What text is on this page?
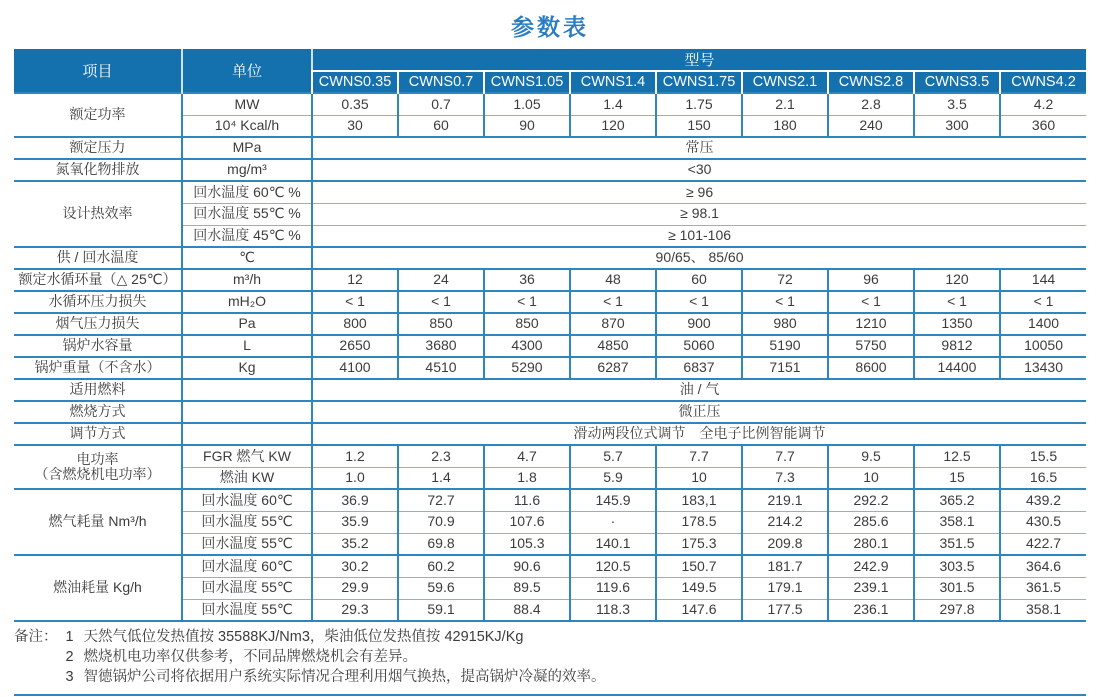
参数表
项目	单位	型号								
		CWNS0.35	CWNS0.7	CWNS1.05	CWNS1.4	CWNS1.75	CWNS2.1	CWNS2.8	CWNS3.5	CWNS4.2
额定功率	MW	0.35	0.7	1.05	1.4	1.75	2.1	2.8	3.5	4.2
	10⁴ Kcal/h	30	60	90	120	150	180	240	300	360
额定压力	MPa	常压								
氮氧化物排放	mg/m³	<30								
设计热效率	回水温度 60℃ %	≥ 96								
	回水温度 55℃ %	≥ 98.1								
	回水温度 45℃ %	≥ 101-106								
供 / 回水温度	℃	90/65、 85/60								
额定水循环量（△ 25℃）	m³/h	12	24	36	48	60	72	96	120	144
水循环压力损失	mH₂O	< 1	< 1	< 1	< 1	< 1	< 1	< 1	< 1	< 1
烟气压力损失	Pa	800	850	850	870	900	980	1210	1350	1400
锅炉水容量	L	2650	3680	4300	4850	5060	5190	5750	9812	10050
锅炉重量（不含水）	Kg	4100	4510	5290	6287	6837	7151	8600	14400	13430
适用燃料		油 / 气								
燃烧方式		微正压								
调节方式		滑动两段位式调节　全电子比例智能调节								
电功率
（含燃烧机电功率）	FGR 燃气 KW	1.2	2.3	4.7	5.7	7.7	7.7	9.5	12.5	15.5
	燃油 KW	1.0	1.4	1.8	5.9	10	7.3	10	15	16.5
燃气耗量 Nm³/h	回水温度 60℃	36.9	72.7	11.6	145.9	183,1	219.1	292.2	365.2	439.2
	回水温度 55℃	35.9	70.9	107.6	·	178.5	214.2	285.6	358.1	430.5
	回水温度 55℃	35.2	69.8	105.3	140.1	175.3	209.8	280.1	351.5	422.7
燃油耗量 Kg/h	回水温度 60℃	30.2	60.2	90.6	120.5	150.7	181.7	242.9	303.5	364.6
	回水温度 55℃	29.9	59.6	89.5	119.6	149.5	179.1	239.1	301.5	361.5
	回水温度 55℃	29.3	59.1	88.4	118.3	147.6	177.5	236.1	297.8	358.1
备注： 1 天然气低位发热值按 35588KJ/Nm3，柴油低位发热值按 42915KJ/Kg
2 燃烧机电功率仅供参考，不同品牌燃烧机会有差异。
3 智德锅炉公司将依据用户系统实际情况合理利用烟气换热，提高锅炉冷凝的效率。
